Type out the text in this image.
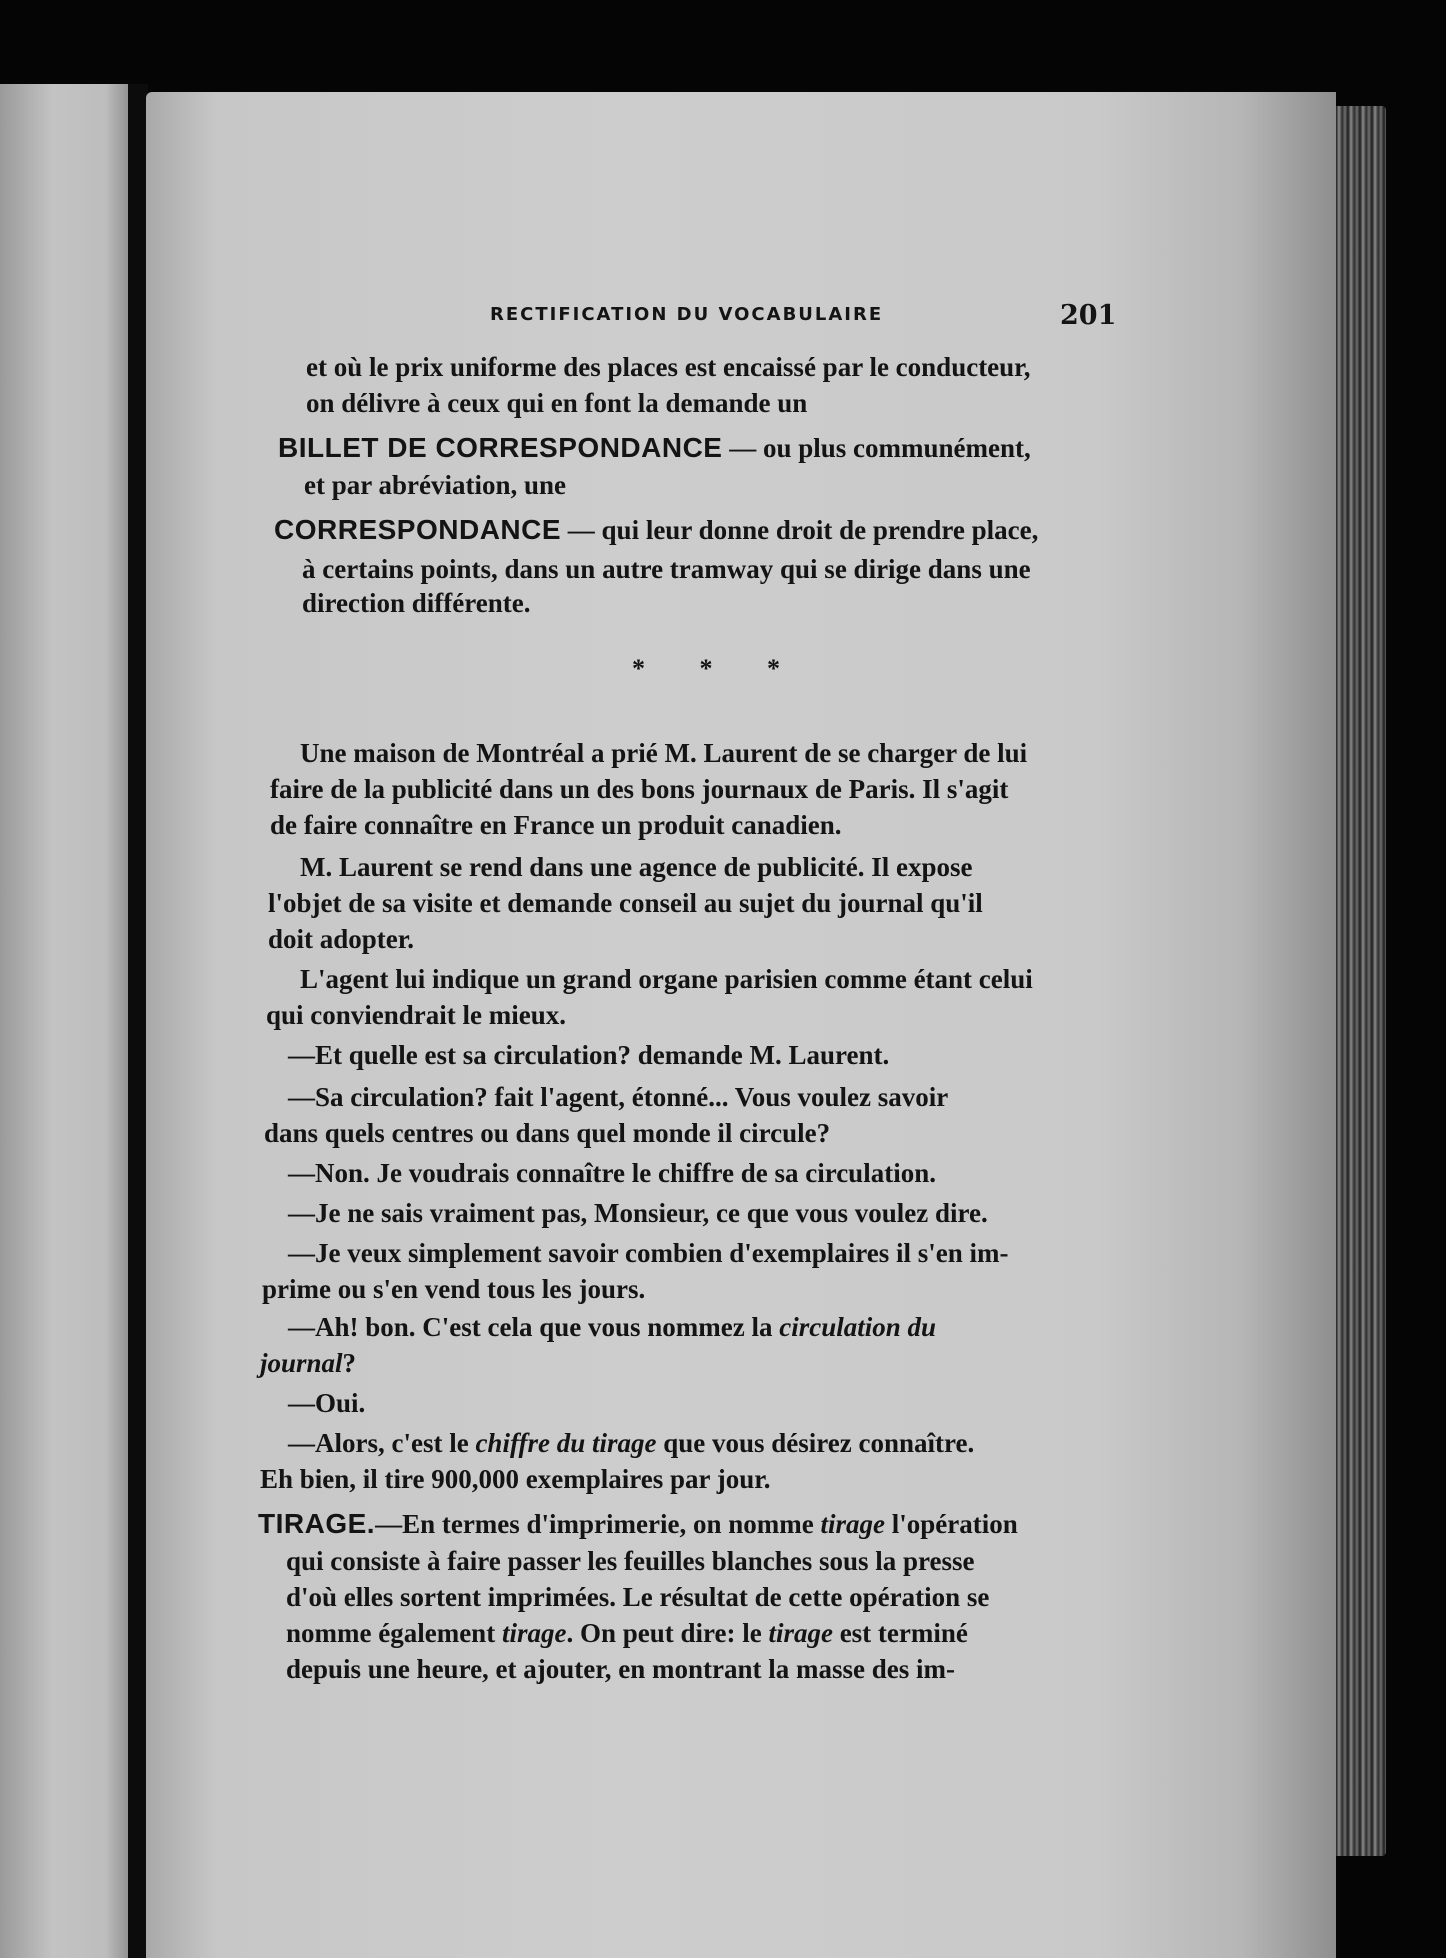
RECTIFICATION DU VOCABULAIRE	201
et où le prix uniforme des places est encaissé par le conducteur,
on délivre à ceux qui en font la demande un
BILLET DE CORRESPONDANCE — ou plus communément,
et par abréviation, une
CORRESPONDANCE — qui leur donne droit de prendre place,
à certains points, dans un autre tramway qui se dirige dans une
direction différente.
* * *
Une maison de Montréal a prié M. Laurent de se charger de lui
faire de la publicité dans un des bons journaux de Paris. Il s'agit
de faire connaître en France un produit canadien.
M. Laurent se rend dans une agence de publicité. Il expose
l'objet de sa visite et demande conseil au sujet du journal qu'il
doit adopter.
L'agent lui indique un grand organe parisien comme étant celui
qui conviendrait le mieux.
—Et quelle est sa circulation? demande M. Laurent.
—Sa circulation? fait l'agent, étonné... Vous voulez savoir
dans quels centres ou dans quel monde il circule?
—Non. Je voudrais connaître le chiffre de sa circulation.
—Je ne sais vraiment pas, Monsieur, ce que vous voulez dire.
—Je veux simplement savoir combien d'exemplaires il s'en im-
prime ou s'en vend tous les jours.
—Ah! bon. C'est cela que vous nommez la circulation du
journal?
—Oui.
—Alors, c'est le chiffre du tirage que vous désirez connaître.
Eh bien, il tire 900,000 exemplaires par jour.
TIRAGE.—En termes d'imprimerie, on nomme tirage l'opération
qui consiste à faire passer les feuilles blanches sous la presse
d'où elles sortent imprimées. Le résultat de cette opération se
nomme également tirage. On peut dire: le tirage est terminé
depuis une heure, et ajouter, en montrant la masse des im-
